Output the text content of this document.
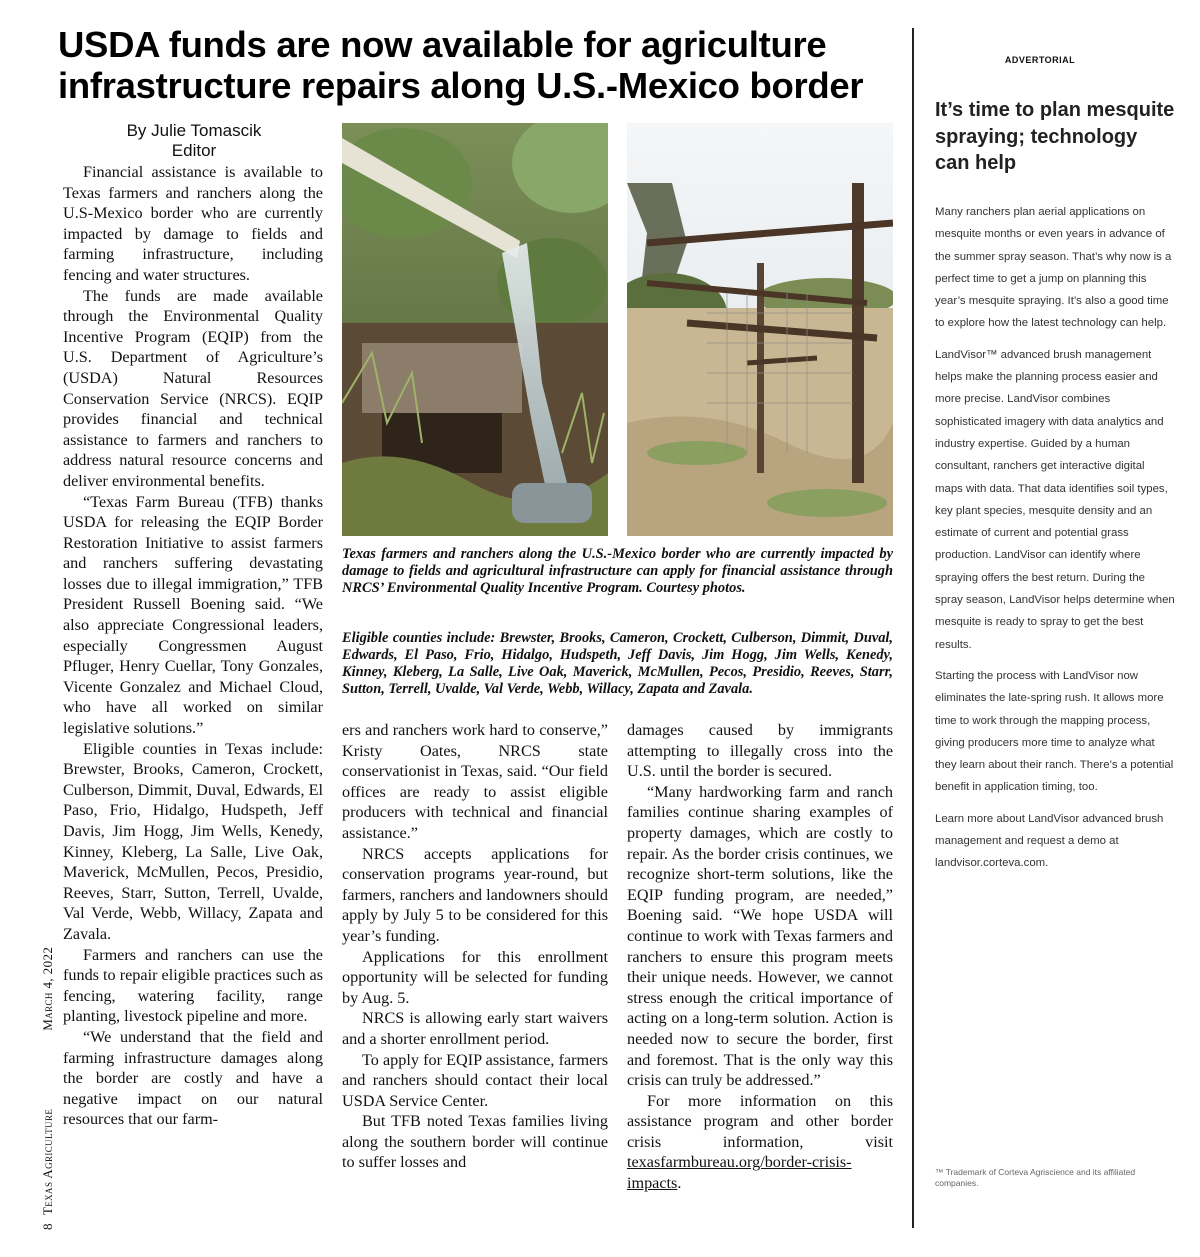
USDA funds are now available for agriculture infrastructure repairs along U.S.-Mexico border
By Julie Tomascik
Editor

Financial assistance is available to Texas farmers and ranchers along the U.S-Mexico border who are currently impacted by damage to fields and farming infrastructure, including fencing and water structures.

The funds are made available through the Environmental Quality Incentive Program (EQIP) from the U.S. Department of Agriculture’s (USDA) Natural Resources Conservation Service (NRCS). EQIP provides financial and technical assistance to farmers and ranchers to address natural resource concerns and deliver environmental benefits.

“Texas Farm Bureau (TFB) thanks USDA for releasing the EQIP Border Restoration Initiative to assist farmers and ranchers suffering devastating losses due to illegal immigration,” TFB President Russell Boening said. “We also appreciate Congressional leaders, especially Congressmen August Pfluger, Henry Cuellar, Tony Gonzales, Vicente Gonzalez and Michael Cloud, who have all worked on similar legislative solutions.”

Eligible counties in Texas include: Brewster, Brooks, Cameron, Crockett, Culberson, Dimmit, Duval, Edwards, El Paso, Frio, Hidalgo, Hudspeth, Jeff Davis, Jim Hogg, Jim Wells, Kenedy, Kinney, Kleberg, La Salle, Live Oak, Maverick, McMullen, Pecos, Presidio, Reeves, Starr, Sutton, Terrell, Uvalde, Val Verde, Webb, Willacy, Zapata and Zavala.

Farmers and ranchers can use the funds to repair eligible practices such as fencing, watering facility, range planting, livestock pipeline and more.

“We understand that the field and farming infrastructure damages along the border are costly and have a negative impact on our natural resources that our farm-

Texas farmers and ranchers along the U.S.-Mexico border who are currently impacted by damage to fields and agricultural infrastructure can apply for financial assistance through NRCS’ Environmental Quality Incentive Program. Courtesy photos.

Eligible counties include: Brewster, Brooks, Cameron, Crockett, Culberson, Dimmit, Duval, Edwards, El Paso, Frio, Hidalgo, Hudspeth, Jeff Davis, Jim Hogg, Jim Wells, Kenedy, Kinney, Kleberg, La Salle, Live Oak, Maverick, McMullen, Pecos, Presidio, Reeves, Starr, Sutton, Terrell, Uvalde, Val Verde, Webb, Willacy, Zapata and Zavala.

ers and ranchers work hard to conserve,” Kristy Oates, NRCS state conservationist in Texas, said. “Our field offices are ready to assist eligible producers with technical and financial assistance.”

NRCS accepts applications for conservation programs year-round, but farmers, ranchers and landowners should apply by July 5 to be considered for this year’s funding.

Applications for this enrollment opportunity will be selected for funding by Aug. 5.

NRCS is allowing early start waivers and a shorter enrollment period.

To apply for EQIP assistance, farmers and ranchers should contact their local USDA Service Center.

But TFB noted Texas families living along the southern border will continue to suffer losses and

damages caused by immigrants attempting to illegally cross into the U.S. until the border is secured.

“Many hardworking farm and ranch families continue sharing examples of property damages, which are costly to repair. As the border crisis continues, we recognize short-term solutions, like the EQIP funding program, are needed,” Boening said. “We hope USDA will continue to work with Texas farmers and ranchers to ensure this program meets their unique needs. However, we cannot stress enough the critical importance of acting on a long-term solution. Action is needed now to secure the border, first and foremost. That is the only way this crisis can truly be addressed.”

For more information on this assistance program and other border crisis information, visit texasfarmbureau.org/border-crisis-impacts.

ADVERTORIAL
It’s time to plan mesquite spraying; technology can help

Many ranchers plan aerial applications on mesquite months or even years in advance of the summer spray season. That’s why now is a perfect time to get a jump on planning this year’s mesquite spraying. It’s also a good time to explore how the latest technology can help.

LandVisor™ advanced brush management helps make the planning process easier and more precise. LandVisor combines sophisticated imagery with data analytics and industry expertise. Guided by a human consultant, ranchers get interactive digital maps with data. That data identifies soil types, key plant species, mesquite density and an estimate of current and potential grass production. LandVisor can identify where spraying offers the best return. During the spray season, LandVisor helps determine when mesquite is ready to spray to get the best results.

Starting the process with LandVisor now eliminates the late-spring rush. It allows more time to work through the mapping process, giving producers more time to analyze what they learn about their ranch. There’s a potential benefit in application timing, too.

Learn more about LandVisor advanced brush management and request a demo at landvisor.corteva.com.

™ Trademark of Corteva Agriscience and its affiliated companies.
8Texas AgricultureMarch 4, 2022
